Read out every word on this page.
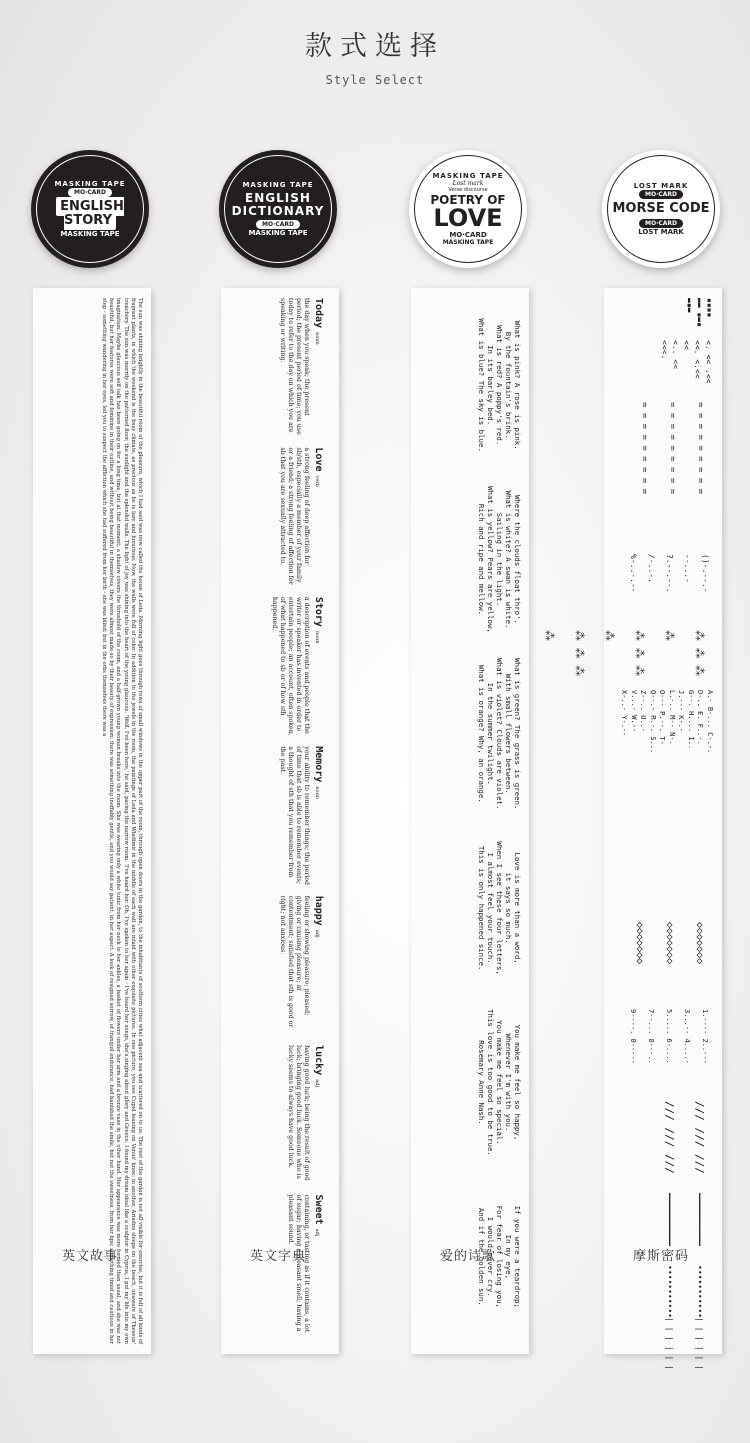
款式选择
Style Select
MASKING TAPE
MO·CARD
ENGLISH STORY
MASKING TAPE
The sun was shining brightly in the beautiful room of the pleasure, which I had said was now called the house of Leda. Morning light goes through rows of small windows in the upper part of the room, through open doors in the garden, to the inhabitants of southern cities what adjacent sea and scattered on to us. The rest of the garden is not all visible for exercise, but it is full of all kinds of fragrant plants, in which the weekend is the busy climate, as precious as he is lazy and luxurious. Now, the walls were full of color. In addition to the jewels in the room, the paintings of Leda and Wladimir in the middle of each wall are inlaid with other exquisite pictures. In one picture, you see Cupid leaning on Venus' knee; in another, Ariadne sleeps on the beach, unaware of Theseus' treachery. The sun was merrily on the patterned floor, the sunlight and the splendid walls. The light of joy was shining into the heart of the young glaucous. 'Well, I've been here,' he said, pacing the narrow room. 'I've heard her. Oh, I've spoken to her again - I've heard her songs, she's singing about glory and Greece. I found my dream ideal like a sculptor in Cyprus, I put my life into my own imagination. Maybe glaucous self talk has been going on for a long time, but at that moment, a shadow covers the threshold of the room, and a half-grown young woman breaks into the room. She was wearing only a white tunic from her neck to her ankles, a basket of flowers under her arm and a bronze vase in the other hand. Her appearance was more formed than usual, and she was not beautiful, but her features were soft and feminine in their outline, and without being beautiful in themselves, they were almost made so by their beauty of expression; there was something ineffably gentle, and you would say patient, in her aspect. A look of resigned sorrow, of tranquil endurance, had banished the smile, but not the sweetness, from her lips; something timid and cautious in her step - something wandering in her eyes, led you to suspect the affliction which she had suffered from her birth - she was blind; but in the orbs themselves there was a
英文故事
MASKING TAPE
ENGLISH DICTIONARY
MO·CARD
MASKING TAPE
Todaynoun
the day when you speak; the present period; the present period of time; you use today to refer to the day on which you are speaking or writing.
Loveverb
a strong feeling of deep affection for sb/sth, especially a member of your family or a friend; a strong feeling of affection for sb that you are sexually attracted to.
Storynoun
a description of events and people that the writer or speaker has invented in order to entertain people; an account, often spoken, of what happened to sb or of how sth happened.
Memorynoun
your ability to remember things; the period of time that sb is able to remember events; a thought of sth that you remember from the past.
happyadj
feeling or showing pleasure; pleased; giving or causing pleasure; at contentment; satisfied that sth is good or right; not anxious.
luckyadj
having good luck; being the result of good luck; bringing good luck. Someone who is lucky seems to always have good luck.
Sweetadj
containing, or tasting as if it contains, a lot of sugar; having a pleasant smell; having a pleasant sound.
英文字典
MASKING TAPE
Lost mark
Verse discourse
POETRY OF
LOVE
MO·CARD
MASKING TAPE
What is pink? A rose is pink.
By the fountain's brink.
What is red? A poppy's red.
In its barley bed.
What is blue? The sky is blue.
Where the clouds float thro'.
What is white? A swan is white.
Sailing in the light.
What is yellow? Pears are yellow,
Rich and ripe and mellow.
What is green? The grass is green.
With small flowers between.
What is violet? Clouds are violet.
In the summer twilight.
What is orange? Why, an orange.
Love is more than a word,
it says so much.
When I see these four letters,
I almost feel your touch.
This is only happened since.
You make me feel so happy,
Whenever I'm with you.
You make me feel so special.
This love is too good to be true.
Rosemary Anne Nash.
If you were a teardrop;
In my eye,
For fear of losing you,
I would never cry.
And if the golden sun.
爱的诗歌
LOST MARK
MO·CARD
MORSE CODE
MO·CARD
LOST MARK
▪▪▪▪ ▬▬ ▪▬▪ ▬▪▬
<. << .<<
<<. <.<< <<
<.. << <<<.
= = = = = = = = =
= = = = = = = = =
= = = = = = = = =
()-.--.-
--...-
?.--.--.
/-..-.
%-..-.--
⁂ ⁂ ⁂ ⁂
⁂ ⁂ ⁂ ⁂
⁂ ⁂ ⁂ ⁂
A.- B-... C-.-.
D-.. E. F..-.
G--. H.... I..
J.--- K-.-
L.-.. M-- N-.
O--- P.--. T-
Q--.- R.-. S...
Z--.. U..-
V...- W.--
X-..- Y-.--
◇◇◇◇◇◇◇
◇◇◇◇◇◇◇
◇◇◇◇◇◇◇
1.---- 2..---
3...-- 4....-
5..... 6-....
7--... 8---..
9----. 0-----
/// /// ///
/// /// ///
━━━━━━━━━━━
━━━━━━━━━━━
•••••••••••
•••••••••••
| | | | | |
| | | | | |
摩斯密码
